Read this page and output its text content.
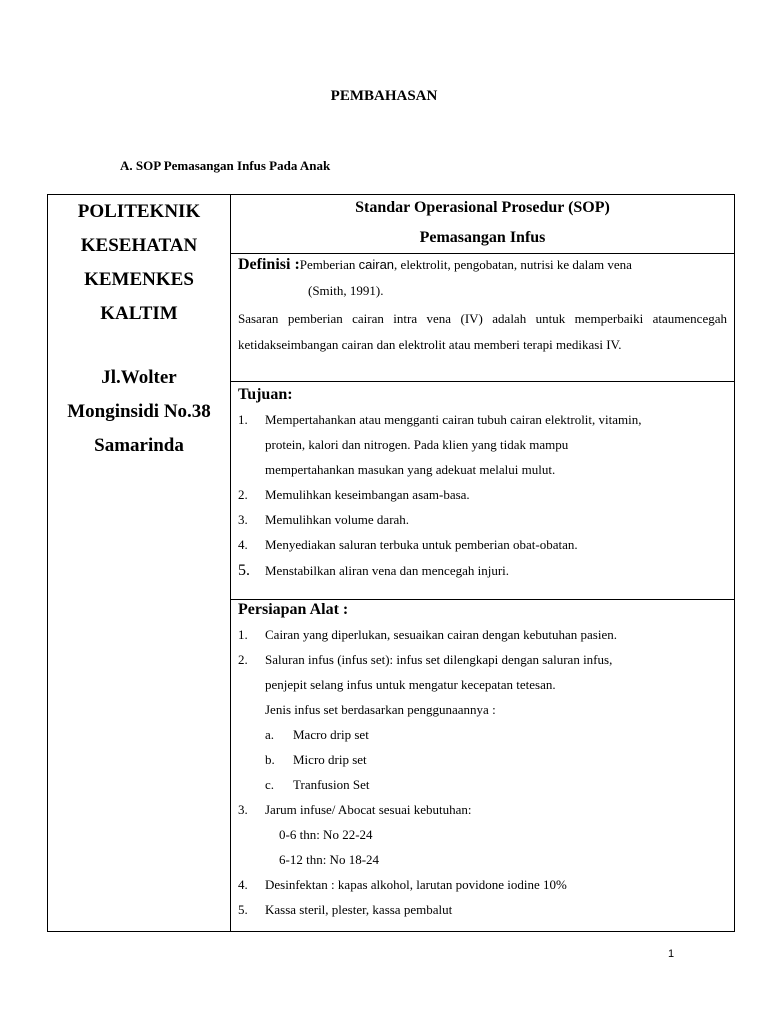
PEMBAHASAN
A. SOP Pemasangan Infus Pada Anak
POLITEKNIK
KESEHATAN
KEMENKES
KALTIM
Jl.Wolter
Monginsidi No.38
Samarinda

Standar Operasional Prosedur (SOP)
Pemasangan Infus

Definisi :Pemberian cairan, elektrolit, pengobatan, nutrisi ke dalam vena
(Smith, 1991).
Sasaran pemberian cairan intra vena (IV) adalah untuk memperbaiki ataumencegah ketidakseimbangan cairan dan elektrolit atau memberi terapi medikasi IV.

Tujuan:
1. Mempertahankan atau mengganti cairan tubuh cairan elektrolit, vitamin,
protein, kalori dan nitrogen. Pada klien yang tidak mampu
mempertahankan masukan yang adekuat melalui mulut.
2. Memulihkan keseimbangan asam-basa.
3. Memulihkan volume darah.
4. Menyediakan saluran terbuka untuk pemberian obat-obatan.
5. Menstabilkan aliran vena dan mencegah injuri.

Persiapan Alat :
1. Cairan yang diperlukan, sesuaikan cairan dengan kebutuhan pasien.
2. Saluran infus (infus set): infus set dilengkapi dengan saluran infus,
penjepit selang infus untuk mengatur kecepatan tetesan.
Jenis infus set berdasarkan penggunaannya :
a. Macro drip set
b. Micro drip set
c. Tranfusion Set
3. Jarum infuse/ Abocat sesuai kebutuhan:
0-6 thn: No 22-24
6-12 thn: No 18-24
4. Desinfektan : kapas alkohol, larutan povidone iodine 10%
5. Kassa steril, plester, kassa pembalut
1
